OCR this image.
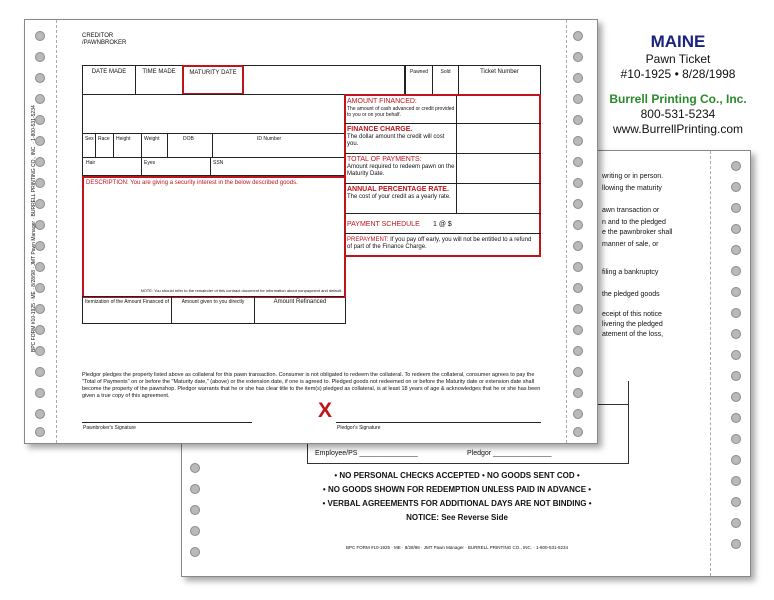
writing or in person.
llowing the maturity
awn transaction or
n and to the pledged
e the pawnbroker shall
manner of sale, or
filing a bankruptcy
the pledged goods
eceipt of this notice
livering the pledged
atement of the loss,
Employee/PS _______________	Pledgor _______________
• NO PERSONAL CHECKS ACCEPTED • NO GOODS SENT COD •
• NO GOODS SHOWN FOR REDEMPTION UNLESS PAID IN ADVANCE •
• VERBAL AGREEMENTS FOR ADDITIONAL DAYS ARE NOT BINDING •
NOTICE: See Reverse Side
BPC FORM #10-1925 · ME · 8/28/98 · JMT Pawn Manager · BURRELL PRINTING CO., INC. · 1-800-531-5234
BPC FORM #10-1925 · ME · 8/28/98 · JMT Pawn Manager · BURRELL PRINTING CO., INC. · 1-800-531-5234
CREDITOR
/PAWNBROKER
DATE MADE	TIME MADE	MATURITY DATE	Pawned	Sold	Ticket Number
Sex Race Height	Weight	DOB	ID Number
Hair	Eyes	SSN
DESCRIPTION: You are giving a security interest in the below described goods.
NOTE: You should refer to the remainder of this contract document for information about nonpayment and default.
Itemization of the Amount Financed of	Amount given to you directly	Amount Refinanced
AMOUNT FINANCED:
The amount of cash advanced or credit provided to you or on your behalf.
FINANCE CHARGE.
The dollar amount the credit will cost you.
TOTAL OF PAYMENTS:
Amount required to redeem pawn on the Maturity Date.
ANNUAL PERCENTAGE RATE.
The cost of your credit as a yearly rate.
PAYMENT SCHEDULE 1 @ $
PREPAYMENT: If you pay off early, you will not be entitled to a refund of part of the Finance Charge.
Pledgor pledges the property listed above as collateral for this pawn transaction. Consumer is not obligated to redeem the collateral. To redeem the collateral, consumer agrees to pay the "Total of Payments" on or before the "Maturity date," (above) or the extension date, if one is agreed to. Pledged goods not redeemed on or before the Maturity date or extension date shall become the property of the pawnshop. Pledgor warrants that he or she has clear title to the item(s) pledged as collateral, is at least 18 years of age & acknowledges that he or she has been given a true copy of this agreement.
Pawnbroker's Signature
X
Pledgor's Signature
MAINE
Pawn Ticket
#10-1925 • 8/28/1998
Burrell Printing Co., Inc.
800-531-5234
www.BurrellPrinting.com
